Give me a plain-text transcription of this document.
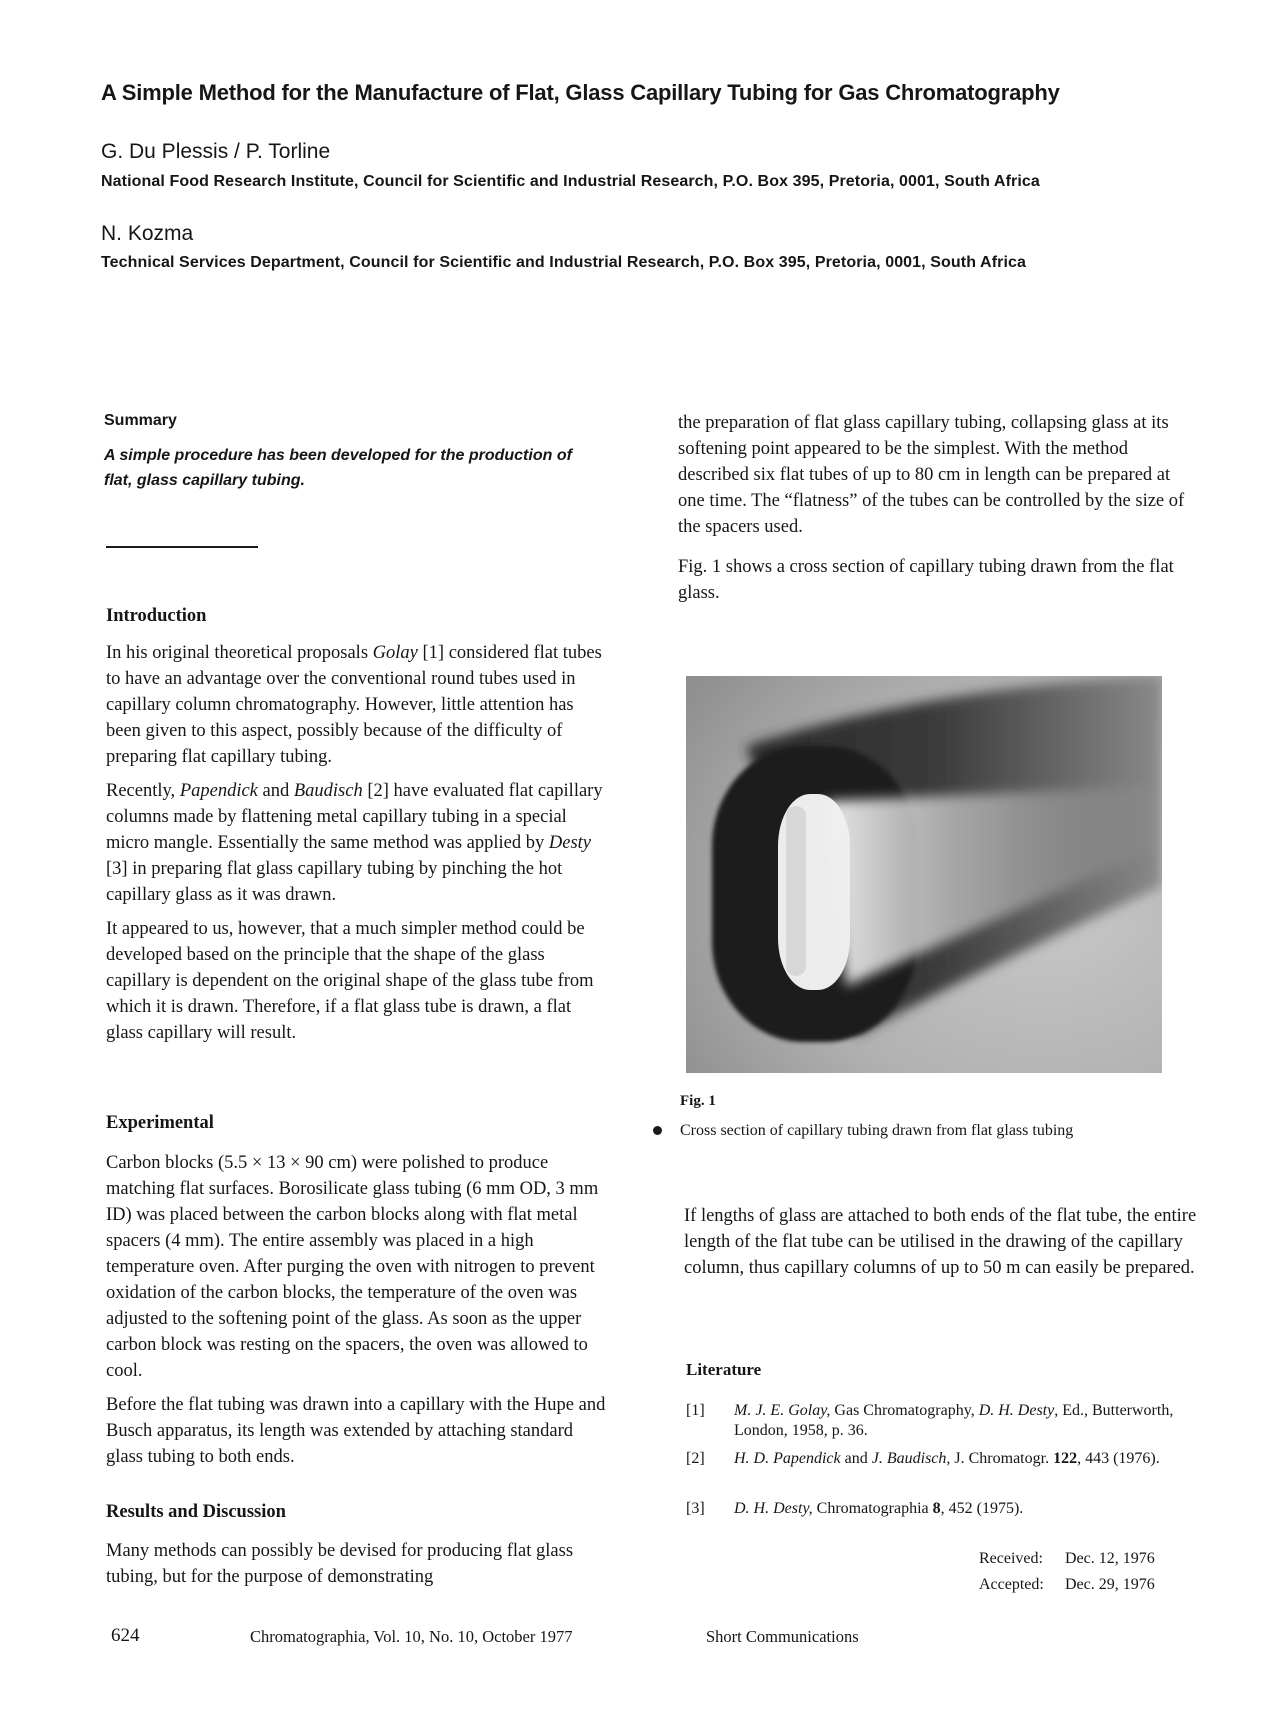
A Simple Method for the Manufacture of Flat, Glass Capillary Tubing for Gas Chromatography
G. Du Plessis / P. Torline
National Food Research Institute, Council for Scientific and Industrial Research, P.O. Box 395, Pretoria, 0001, South Africa
N. Kozma
Technical Services Department, Council for Scientific and Industrial Research, P.O. Box 395, Pretoria, 0001, South Africa
Summary
A simple procedure has been developed for the production of flat, glass capillary tubing.
Introduction

In his original theoretical proposals Golay [1] considered flat tubes to have an advantage over the conventional round tubes used in capillary column chromatography. However, little attention has been given to this aspect, possibly because of the difficulty of preparing flat capillary tubing.

Recently, Papendick and Baudisch [2] have evaluated flat capillary columns made by flattening metal capillary tubing in a special micro mangle. Essentially the same method was applied by Desty [3] in preparing flat glass capillary tubing by pinching the hot capillary glass as it was drawn.

It appeared to us, however, that a much simpler method could be developed based on the principle that the shape of the glass capillary is dependent on the original shape of the glass tube from which it is drawn. Therefore, if a flat glass tube is drawn, a flat glass capillary will result.

Experimental

Carbon blocks (5.5 × 13 × 90 cm) were polished to produce matching flat surfaces. Borosilicate glass tubing (6 mm OD, 3 mm ID) was placed between the carbon blocks along with flat metal spacers (4 mm). The entire assembly was placed in a high temperature oven. After purging the oven with nitrogen to prevent oxidation of the carbon blocks, the temperature of the oven was adjusted to the softening point of the glass. As soon as the upper carbon block was resting on the spacers, the oven was allowed to cool.

Before the flat tubing was drawn into a capillary with the Hupe and Busch apparatus, its length was extended by attaching standard glass tubing to both ends.

Results and Discussion

Many methods can possibly be devised for producing flat glass tubing, but for the purpose of demonstrating

the preparation of flat glass capillary tubing, collapsing glass at its softening point appeared to be the simplest. With the method described six flat tubes of up to 80 cm in length can be prepared at one time. The “flatness” of the tubes can be controlled by the size of the spacers used.

Fig. 1 shows a cross section of capillary tubing drawn from the flat glass.

Fig. 1
Cross section of capillary tubing drawn from flat glass tubing

If lengths of glass are attached to both ends of the flat tube, the entire length of the flat tube can be utilised in the drawing of the capillary column, thus capillary columns of up to 50 m can easily be prepared.

Literature
[1] M. J. E. Golay, Gas Chromatography, D. H. Desty, Ed., Butterworth, London, 1958, p. 36.
[2] H. D. Papendick and J. Baudisch, J. Chromatogr. 122, 443 (1976).
[3] D. H. Desty, Chromatographia 8, 452 (1975).
Received: Dec. 12, 1976
Accepted: Dec. 29, 1976
624	Chromatographia, Vol. 10, No. 10, October 1977	Short Communications
